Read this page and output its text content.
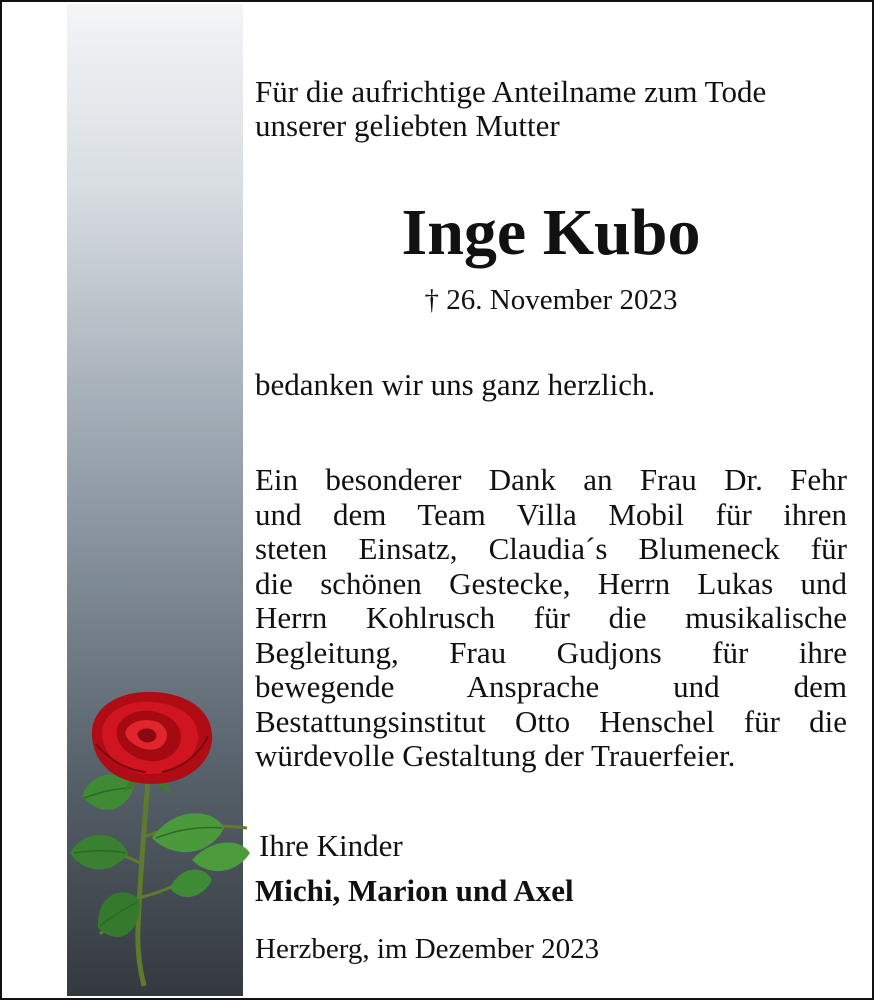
Für die aufrichtige Anteilname zum Tode
unserer geliebten Mutter

Inge Kubo
† 26. November 2023
bedanken wir uns ganz herzlich.
Ein besonderer Dank an Frau Dr. Fehr
und dem Team Villa Mobil für ihren
steten Einsatz, Claudia´s Blumeneck für
die schönen Gestecke, Herrn Lukas und
Herrn Kohlrusch für die musikalische
Begleitung, Frau Gudjons für ihre
bewegende Ansprache und dem
Bestattungsinstitut Otto Henschel für die
würdevolle Gestaltung der Trauerfeier.
Ihre Kinder
Michi, Marion und Axel
Herzberg, im Dezember 2023
